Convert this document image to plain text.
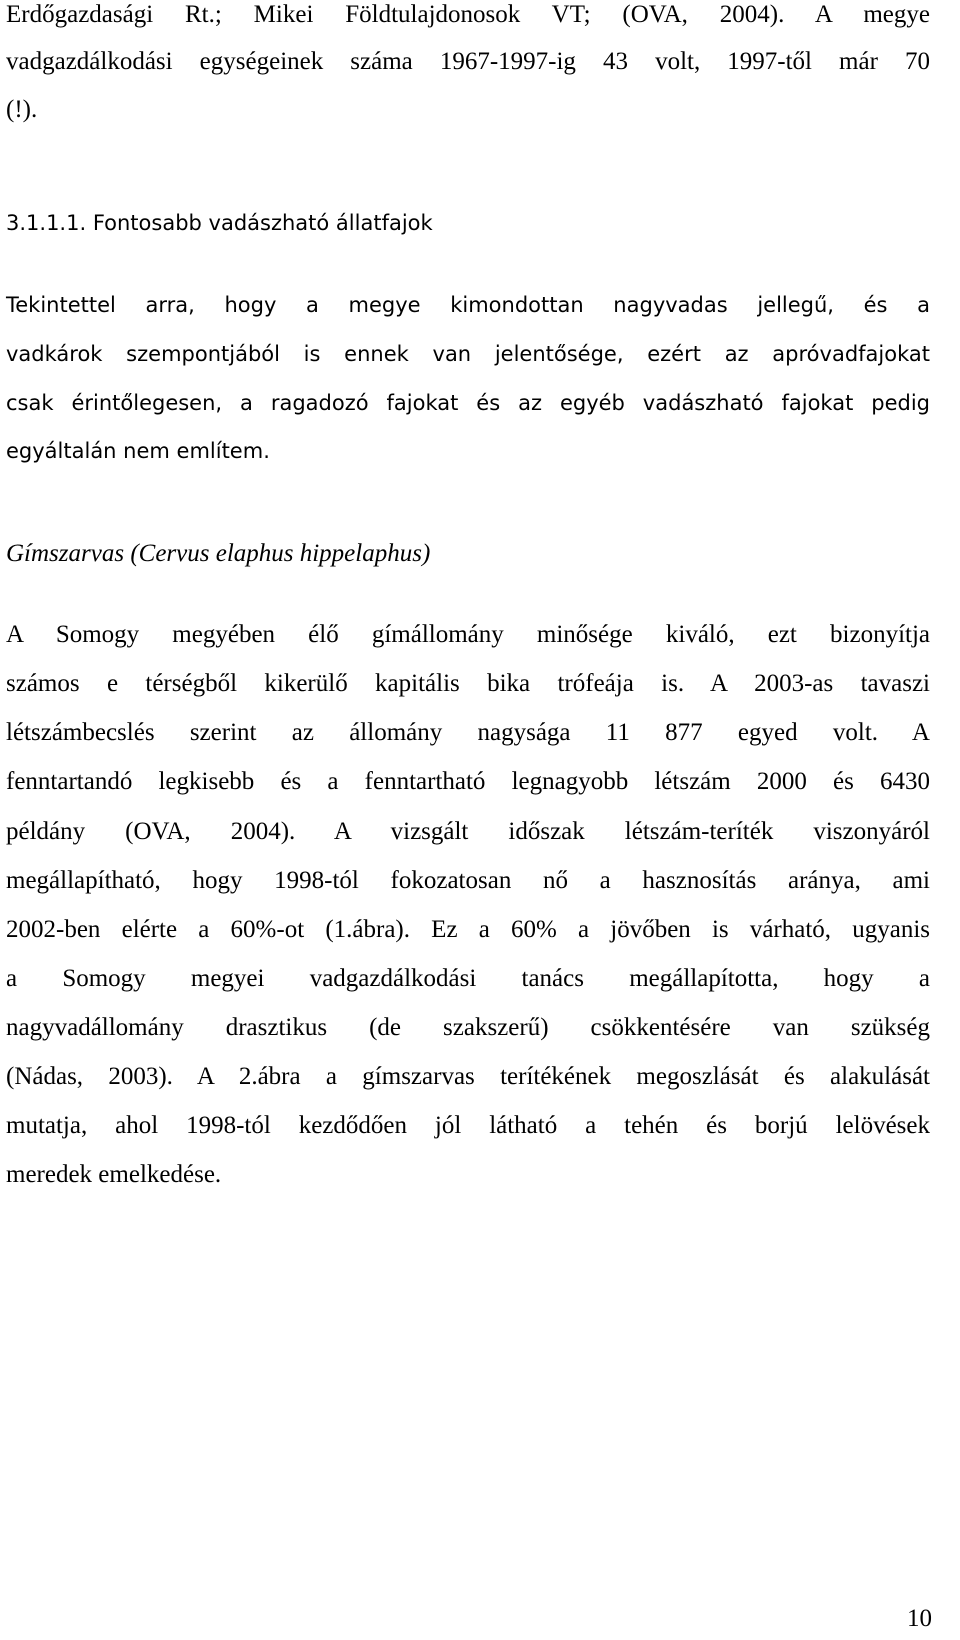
Erdőgazdasági Rt.; Mikei Földtulajdonosok VT; (OVA, 2004). A megye
vadgazdálkodási egységeinek száma 1967-1997-ig 43 volt, 1997-től már 70
(!).
3.1.1.1. Fontosabb vadászható állatfajok
Tekintettel arra, hogy a megye kimondottan nagyvadas jellegű, és a
vadkárok szempontjából is ennek van jelentősége, ezért az apróvadfajokat
csak érintőlegesen, a ragadozó fajokat és az egyéb vadászható fajokat pedig
egyáltalán nem említem.
Gímszarvas (Cervus elaphus hippelaphus)
A Somogy megyében élő gímállomány minősége kiváló, ezt bizonyítja
számos e térségből kikerülő kapitális bika trófeája is. A 2003-as tavaszi
létszámbecslés szerint az állomány nagysága 11 877 egyed volt. A
fenntartandó legkisebb és a fenntartható legnagyobb létszám 2000 és 6430
példány (OVA, 2004). A vizsgált időszak létszám-teríték viszonyáról
megállapítható, hogy 1998-tól fokozatosan nő a hasznosítás aránya, ami
2002-ben elérte a 60%-ot (1.ábra). Ez a 60% a jövőben is várható, ugyanis
a Somogy megyei vadgazdálkodási tanács megállapította, hogy a
nagyvadállomány drasztikus (de szakszerű) csökkentésére van szükség
(Nádas, 2003). A 2.ábra a gímszarvas terítékének megoszlását és alakulását
mutatja, ahol 1998-tól kezdődően jól látható a tehén és borjú lelövések
meredek emelkedése.
10
